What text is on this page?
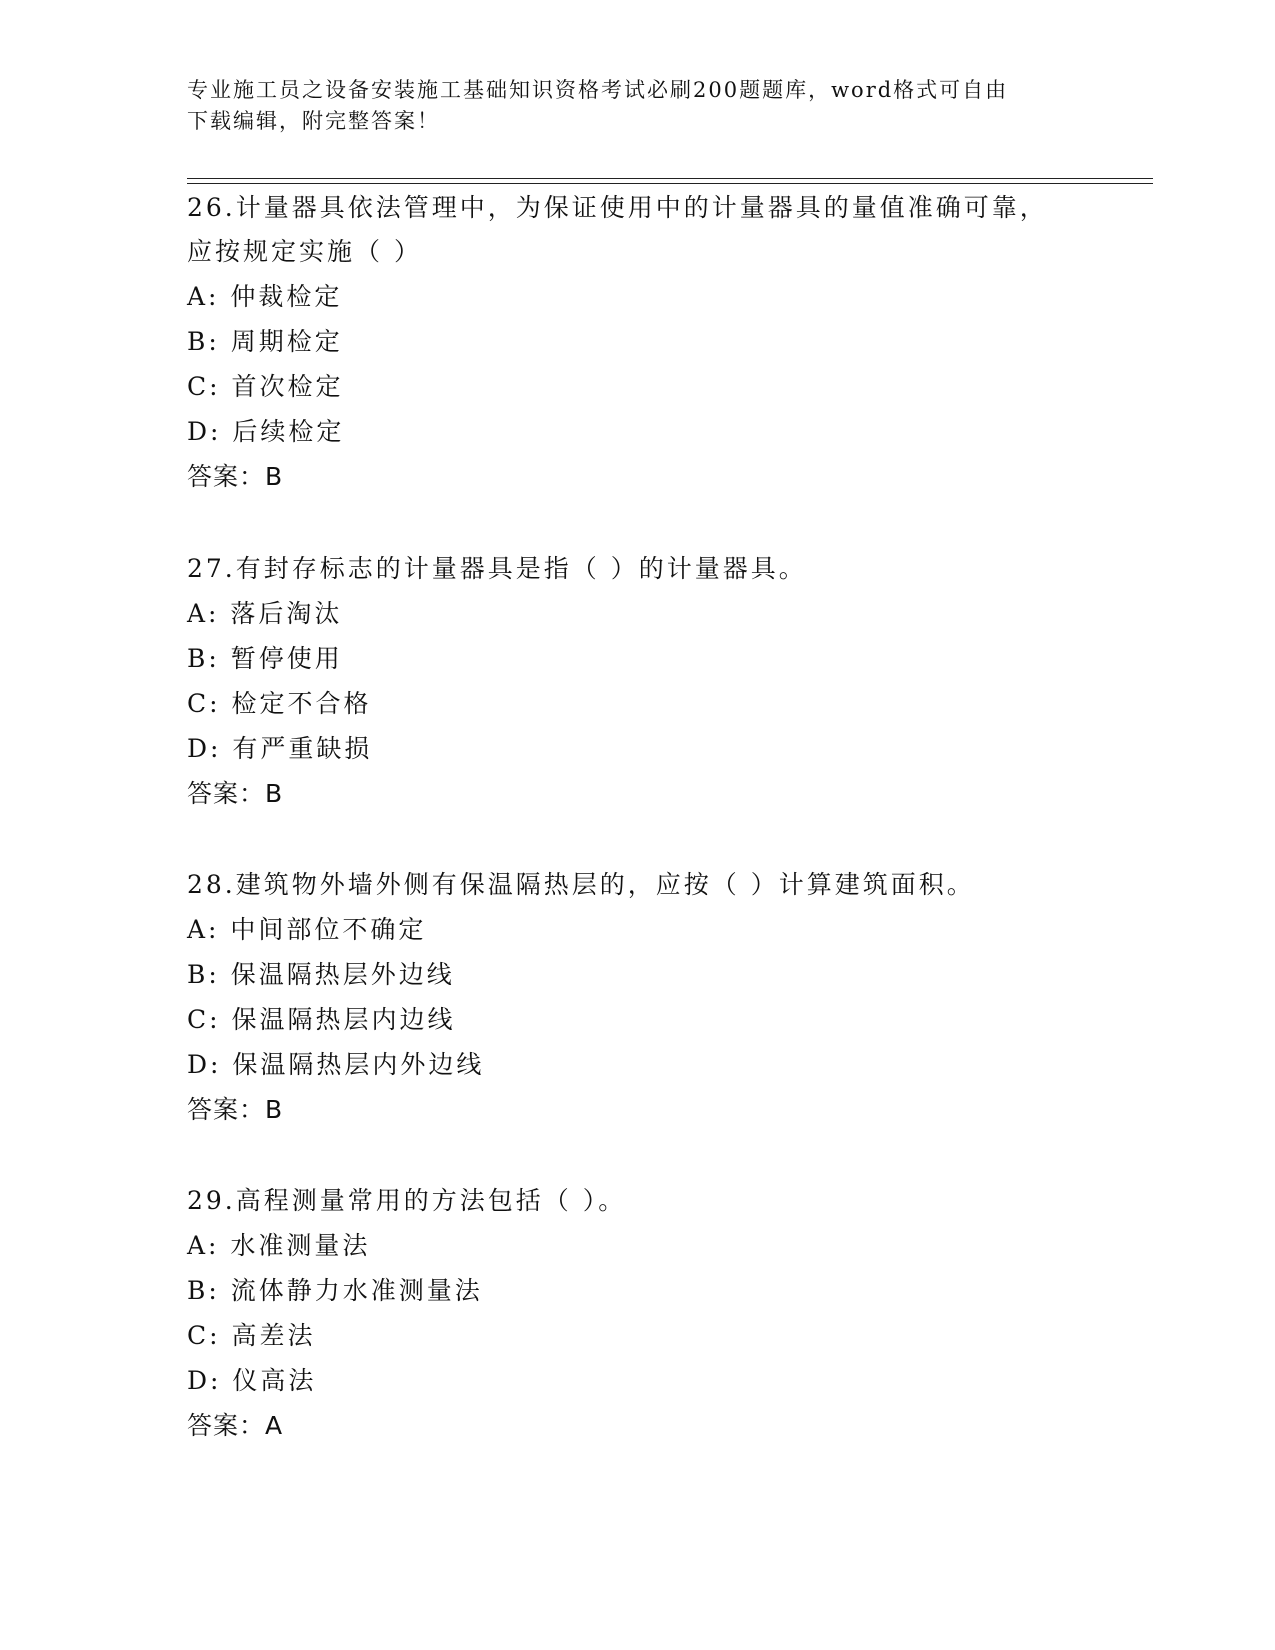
专业施工员之设备安装施工基础知识资格考试必刷200题题库，word格式可自由
下载编辑，附完整答案！
26.计量器具依法管理中，为保证使用中的计量器具的量值准确可靠，
应按规定实施（ ）
A: 仲裁检定
B: 周期检定
C: 首次检定
D: 后续检定
答案：B
27.有封存标志的计量器具是指（ ）的计量器具。
A: 落后淘汰
B: 暂停使用
C: 检定不合格
D: 有严重缺损
答案：B
28.建筑物外墙外侧有保温隔热层的，应按（ ）计算建筑面积。
A: 中间部位不确定
B: 保温隔热层外边线
C: 保温隔热层内边线
D: 保温隔热层内外边线
答案：B
29.高程测量常用的方法包括（ ）。
A: 水准测量法
B: 流体静力水准测量法
C: 高差法
D: 仪高法
答案：A
